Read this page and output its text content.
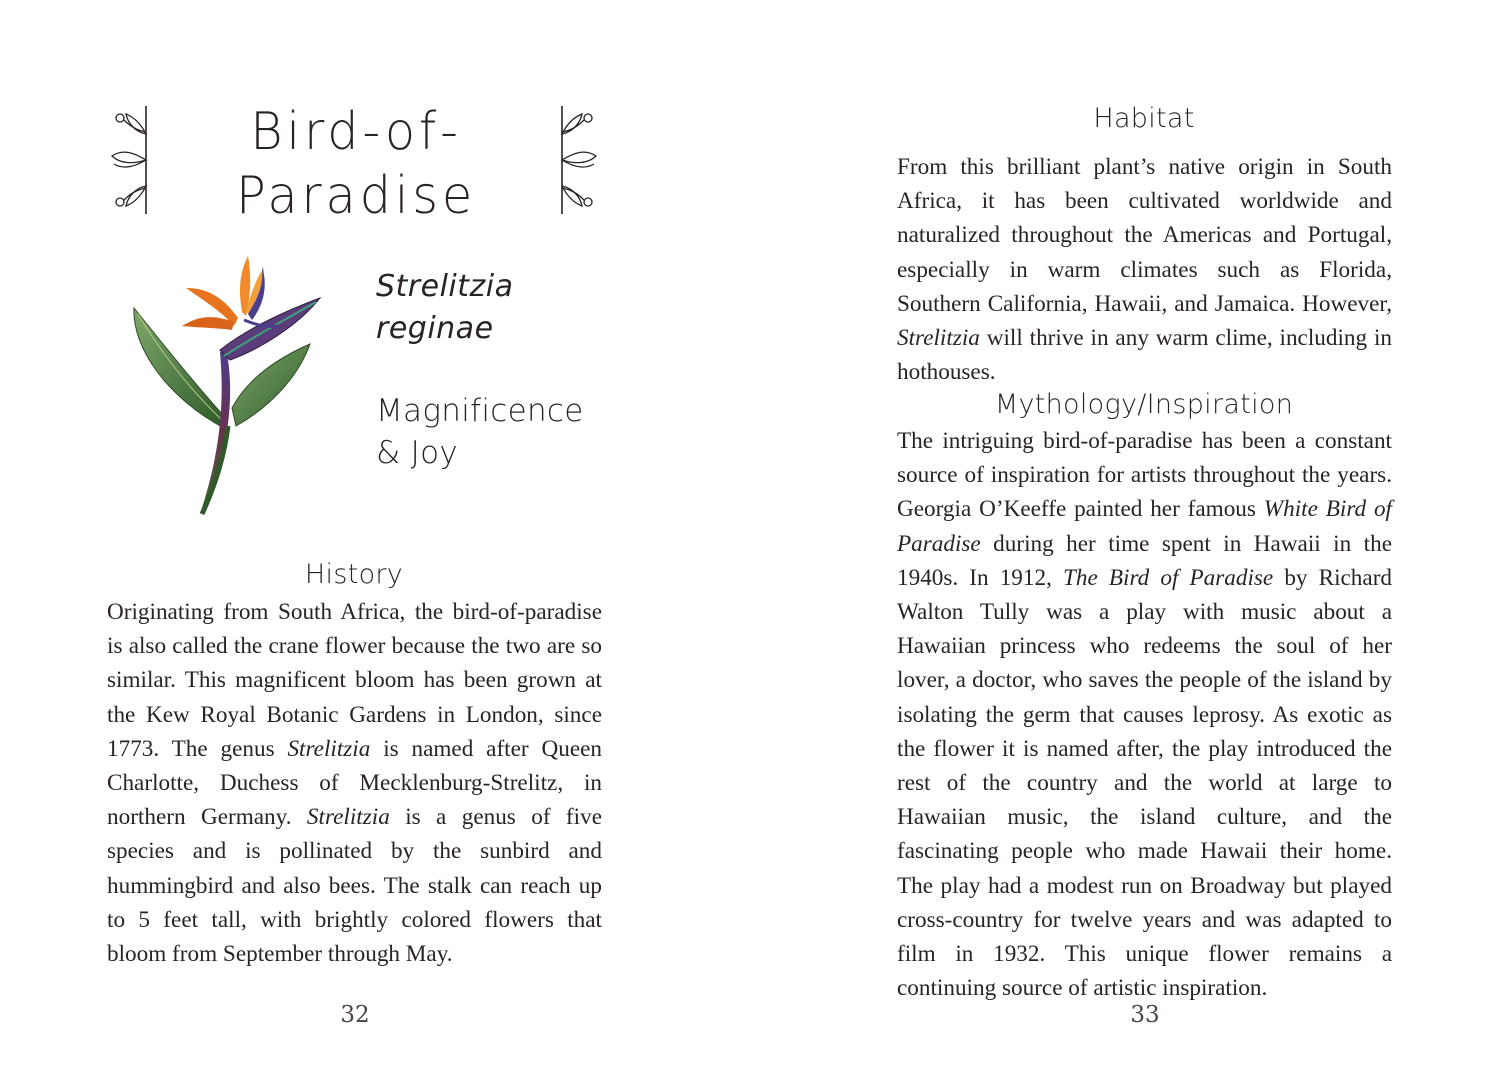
Bird-of-
Paradise
Strelitzia
reginae
Magnificence
& Joy
History
Originating from South Africa, the bird-of-paradise is also called the crane flower because the two are so similar. This magnificent bloom has been grown at the Kew Royal Botanic Gardens in London, since 1773. The genus Strelitzia is named after Queen Charlotte, Duchess of Mecklenburg-Strelitz, in northern Germany. Strelitzia is a genus of five species and is pollinated by the sunbird and hummingbird and also bees. The stalk can reach up to 5 feet tall, with brightly colored flowers that bloom from September through May.
32
Habitat
From this brilliant plant’s native origin in South Africa, it has been cultivated worldwide and naturalized throughout the Americas and Portugal, especially in warm climates such as Florida, Southern California, Hawaii, and Jamaica. However, Strelitzia will thrive in any warm clime, including in hothouses.
Mythology/Inspiration
The intriguing bird-of-paradise has been a constant source of inspiration for artists throughout the years. Georgia O’Keeffe painted her famous White Bird of Paradise during her time spent in Hawaii in the 1940s. In 1912, The Bird of Paradise by Richard Walton Tully was a play with music about a Hawaiian princess who redeems the soul of her lover, a doctor, who saves the people of the island by isolating the germ that causes leprosy. As exotic as the flower it is named after, the play introduced the rest of the country and the world at large to Hawaiian music, the island culture, and the fascinating people who made Hawaii their home. The play had a modest run on Broadway but played cross-country for twelve years and was adapted to film in 1932. This unique flower remains a continuing source of artistic inspiration.
33
